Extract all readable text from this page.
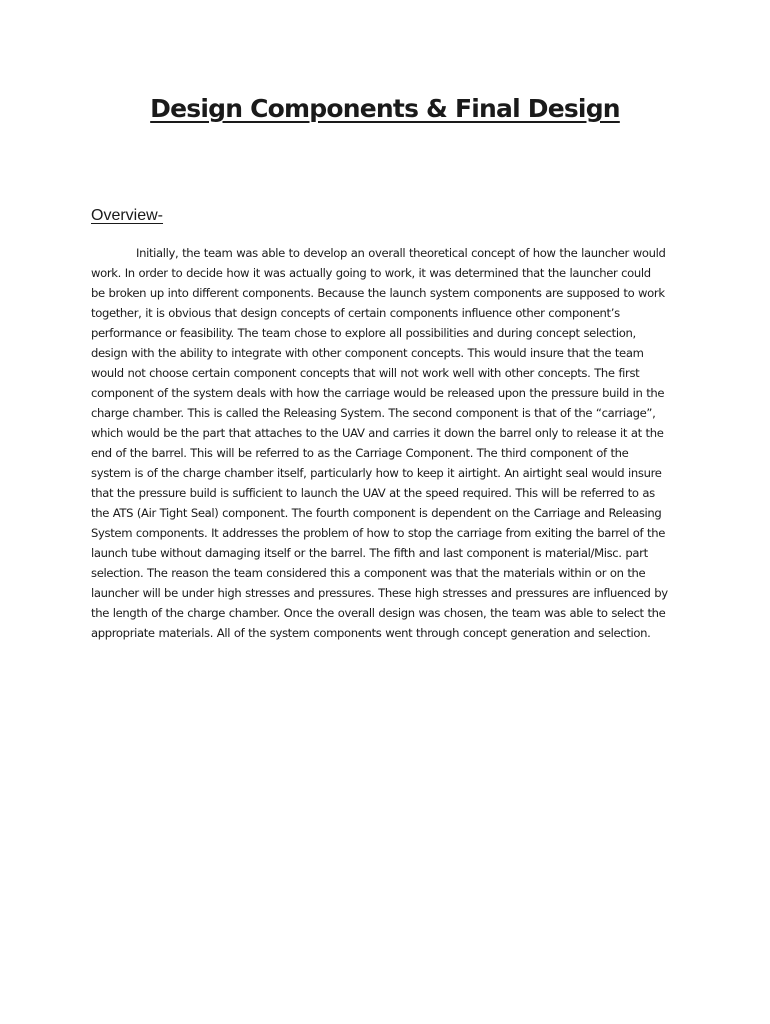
Design Components & Final Design
Overview-

Initially, the team was able to develop an overall theoretical concept of how the launcher would
work. In order to decide how it was actually going to work, it was determined that the launcher could
be broken up into different components. Because the launch system components are supposed to work
together, it is obvious that design concepts of certain components influence other component’s
performance or feasibility. The team chose to explore all possibilities and during concept selection,
design with the ability to integrate with other component concepts. This would insure that the team
would not choose certain component concepts that will not work well with other concepts. The first
component of the system deals with how the carriage would be released upon the pressure build in the
charge chamber. This is called the Releasing System. The second component is that of the “carriage”,
which would be the part that attaches to the UAV and carries it down the barrel only to release it at the
end of the barrel. This will be referred to as the Carriage Component. The third component of the
system is of the charge chamber itself, particularly how to keep it airtight. An airtight seal would insure
that the pressure build is sufficient to launch the UAV at the speed required. This will be referred to as
the ATS (Air Tight Seal) component. The fourth component is dependent on the Carriage and Releasing
System components. It addresses the problem of how to stop the carriage from exiting the barrel of the
launch tube without damaging itself or the barrel. The fifth and last component is material/Misc. part
selection. The reason the team considered this a component was that the materials within or on the
launcher will be under high stresses and pressures. These high stresses and pressures are influenced by
the length of the charge chamber. Once the overall design was chosen, the team was able to select the
appropriate materials. All of the system components went through concept generation and selection.
